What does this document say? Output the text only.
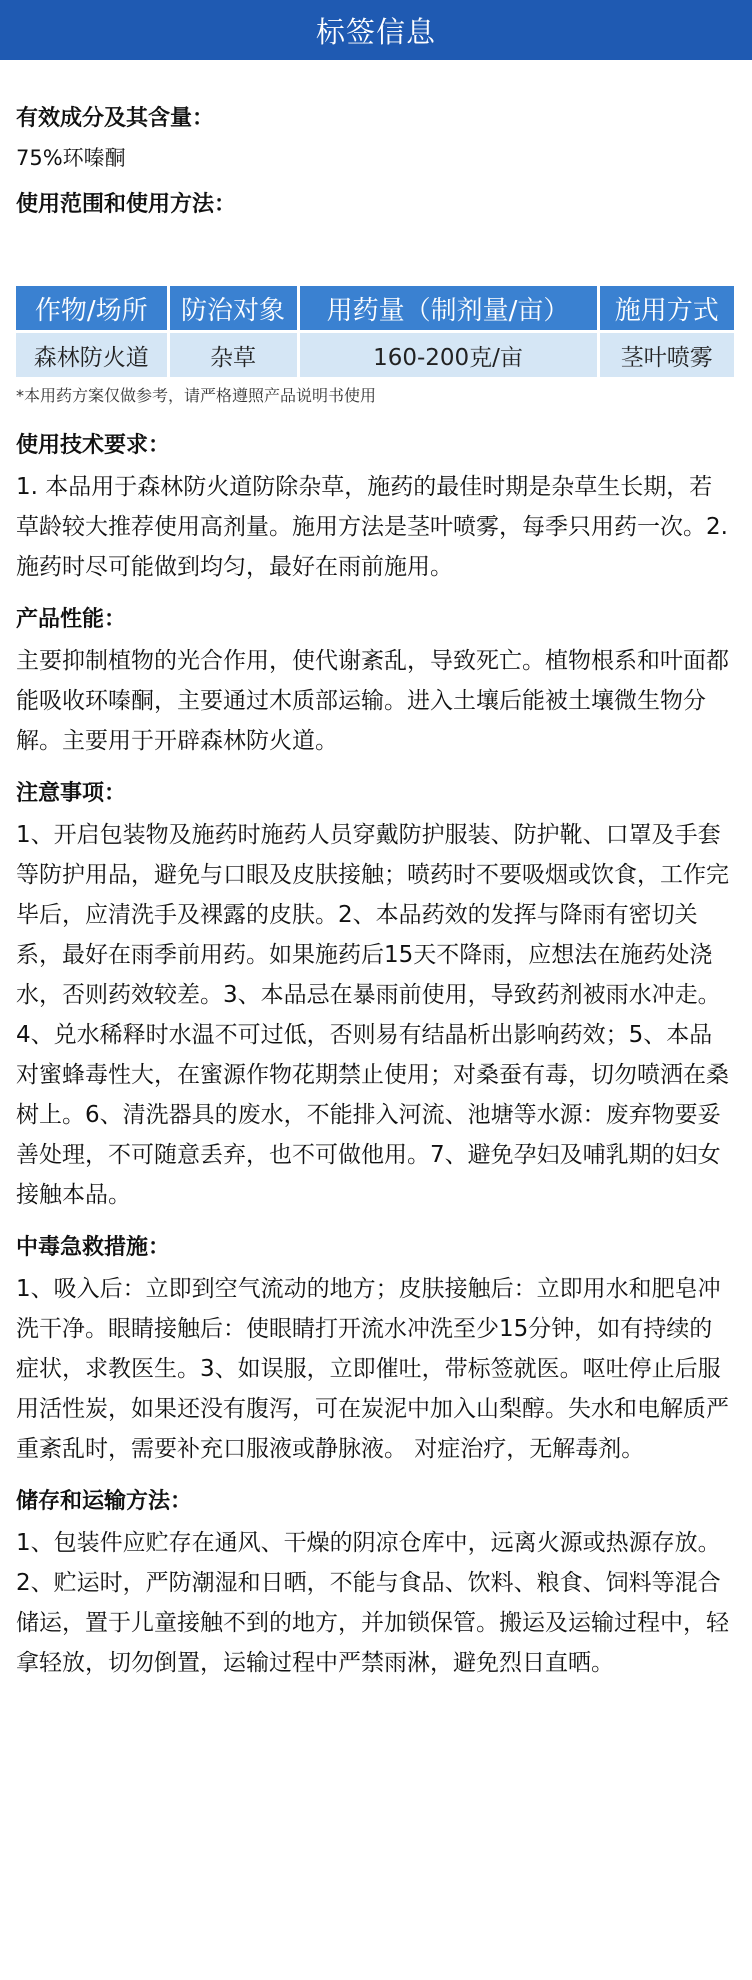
标签信息
有效成分及其含量：

75%环嗪酮

使用范围和使用方法：
作物/场所	防治对象	用药量（制剂量/亩）	施用方式
森林防火道	杂草	160-200克/亩	茎叶喷雾
*本用药方案仅做参考，请严格遵照产品说明书使用
使用技术要求：

1. 本品用于森林防火道防除杂草，施药的最佳时期是杂草生长期，若草龄较大推荐使用高剂量。施用方法是茎叶喷雾，每季只用药一次。2. 施药时尽可能做到均匀，最好在雨前施用。

产品性能：

主要抑制植物的光合作用，使代谢紊乱，导致死亡。植物根系和叶面都能吸收环嗪酮，主要通过木质部运输。进入土壤后能被土壤微生物分解。主要用于开辟森林防火道。

注意事项：

1、开启包装物及施药时施药人员穿戴防护服装、防护靴、口罩及手套等防护用品，避免与口眼及皮肤接触；喷药时不要吸烟或饮食，工作完毕后，应清洗手及裸露的皮肤。2、本品药效的发挥与降雨有密切关系，最好在雨季前用药。如果施药后15天不降雨，应想法在施药处浇水，否则药效较差。3、本品忌在暴雨前使用，导致药剂被雨水冲走。4、兑水稀释时水温不可过低，否则易有结晶析出影响药效；5、本品对蜜蜂毒性大，在蜜源作物花期禁止使用；对桑蚕有毒，切勿喷洒在桑树上。6、清洗器具的废水，不能排入河流、池塘等水源：废弃物要妥善处理，不可随意丢弃，也不可做他用。7、避免孕妇及哺乳期的妇女接触本品。

中毒急救措施：

1、吸入后：立即到空气流动的地方；皮肤接触后：立即用水和肥皂冲洗干净。眼睛接触后：使眼睛打开流水冲洗至少15分钟，如有持续的症状，求教医生。3、如误服，立即催吐，带标签就医。呕吐停止后服用活性炭，如果还没有腹泻，可在炭泥中加入山梨醇。失水和电解质严重紊乱时，需要补充口服液或静脉液。 对症治疗，无解毒剂。

储存和运输方法：

1、包装件应贮存在通风、干燥的阴凉仓库中，远离火源或热源存放。2、贮运时，严防潮湿和日晒，不能与食品、饮料、粮食、饲料等混合储运，置于儿童接触不到的地方，并加锁保管。搬运及运输过程中，轻拿轻放，切勿倒置，运输过程中严禁雨淋，避免烈日直晒。
